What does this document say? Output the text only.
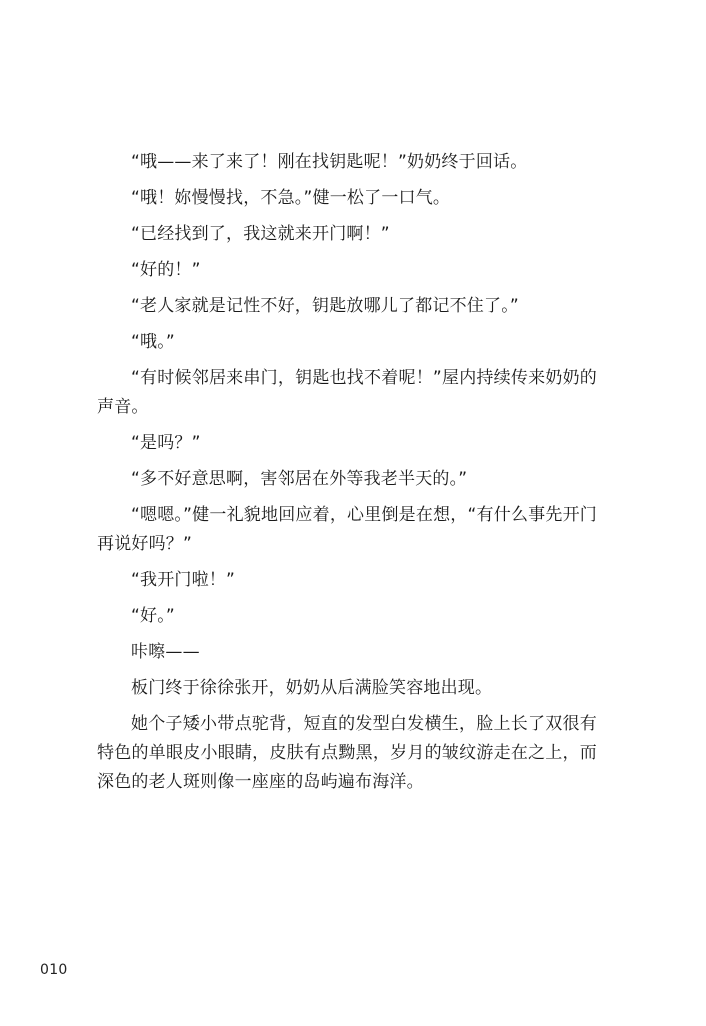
“哦——来了来了！刚在找钥匙呢！”奶奶终于回话。

“哦！妳慢慢找，不急。”健一松了一口气。

“已经找到了，我这就来开门啊！”

“好的！”

“老人家就是记性不好，钥匙放哪儿了都记不住了。”

“哦。”

“有时候邻居来串门，钥匙也找不着呢！”屋内持续传来奶奶的声音。

“是吗？”

“多不好意思啊，害邻居在外等我老半天的。”

“嗯嗯。”健一礼貌地回应着，心里倒是在想，“有什么事先开门再说好吗？”

“我开门啦！”

“好。”

咔嚓——

板门终于徐徐张开，奶奶从后满脸笑容地出现。

她个子矮小带点驼背，短直的发型白发横生，脸上长了双很有特色的单眼皮小眼睛，皮肤有点黝黑，岁月的皱纹游走在之上，而深色的老人斑则像一座座的岛屿遍布海洋。

010
